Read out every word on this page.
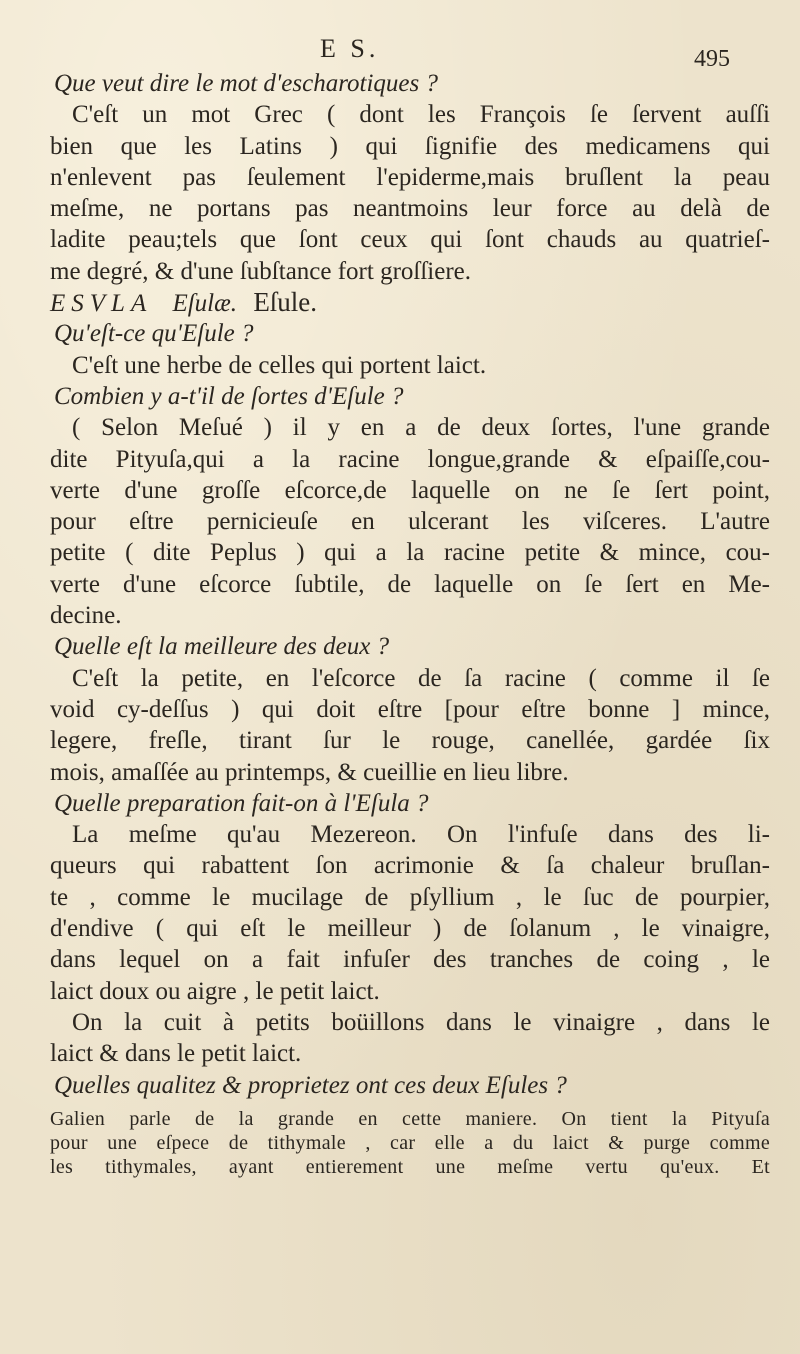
E S.	495
Que veut dire le mot d'escharotiques ?
C'eſt un mot Grec ( dont les François ſe ſervent auſſi
bien que les Latins ) qui ſignifie des medicamens qui
n'enlevent pas ſeulement l'epiderme,mais bruſlent la peau
meſme, ne portans pas neantmoins leur force au delà de
ladite peau;tels que ſont ceux qui ſont chauds au quatrieſ-
me degré, & d'une ſubſtance fort groſſiere.
ESVLA Eſulæ. Eſule.
Qu'eſt-ce qu'Eſule ?
C'eſt une herbe de celles qui portent laict.
Combien y a-t'il de ſortes d'Eſule ?
( Selon Meſué ) il y en a de deux ſortes, l'une grande
dite Pityuſa,qui a la racine longue,grande & eſpaiſſe,cou-
verte d'une groſſe eſcorce,de laquelle on ne ſe ſert point,
pour eſtre pernicieuſe en ulcerant les viſceres. L'autre
petite ( dite Peplus ) qui a la racine petite & mince, cou-
verte d'une eſcorce ſubtile, de laquelle on ſe ſert en Me-
decine.
Quelle eſt la meilleure des deux ?
C'eſt la petite, en l'eſcorce de ſa racine ( comme il ſe
void cy-deſſus ) qui doit eſtre [pour eſtre bonne ] mince,
legere, freſle, tirant ſur le rouge, canellée, gardée ſix
mois, amaſſée au printemps, & cueillie en lieu libre.
Quelle preparation fait-on à l'Eſula ?
La meſme qu'au Mezereon. On l'infuſe dans des li-
queurs qui rabattent ſon acrimonie & ſa chaleur bruſlan-
te , comme le mucilage de pſyllium , le ſuc de pourpier,
d'endive ( qui eſt le meilleur ) de ſolanum , le vinaigre,
dans lequel on a fait infuſer des tranches de coing , le
laict doux ou aigre , le petit laict.
On la cuit à petits boüillons dans le vinaigre , dans le
laict & dans le petit laict.
Quelles qualitez & proprietez ont ces deux Eſules ?
Galien parle de la grande en cette maniere. On tient la Pityuſa
pour une eſpece de tithymale , car elle a du laict & purge comme
les tithymales, ayant entierement une meſme vertu qu'eux. Et
